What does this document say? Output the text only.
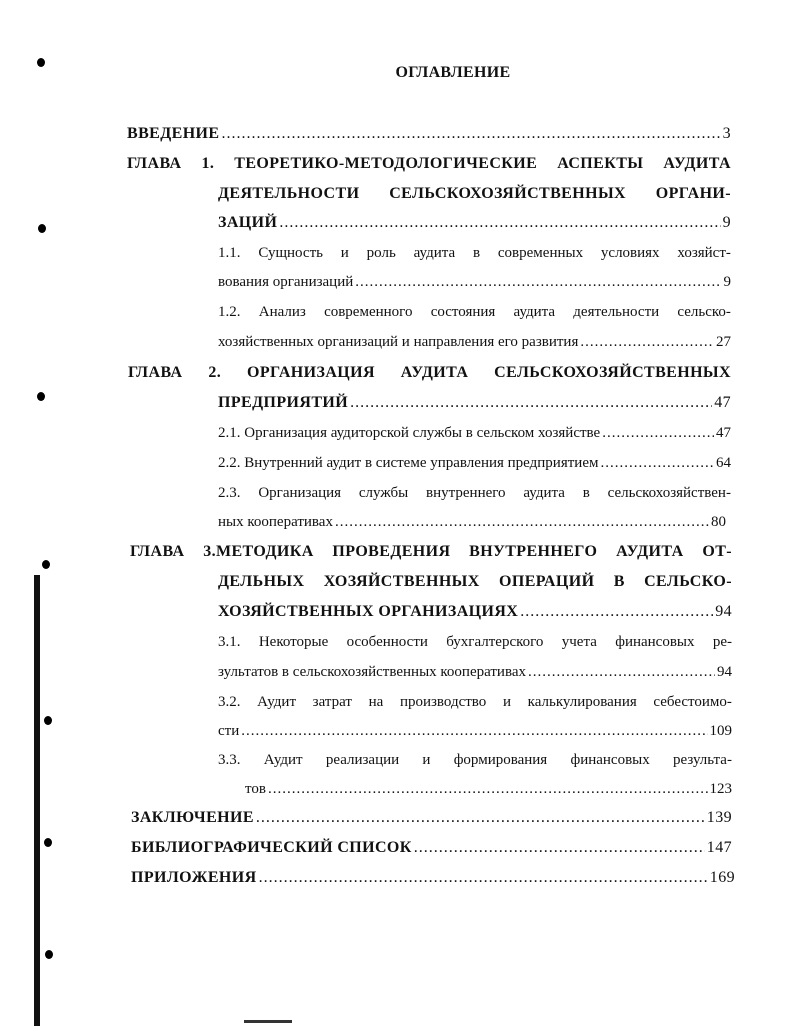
ОГЛАВЛЕНИЕ
ВВЕДЕНИЕ .....	3
ГЛАВА 1. ТЕОРЕТИКО-МЕТОДОЛОГИЧЕСКИЕ АСПЕКТЫ АУДИТА
ДЕЯТЕЛЬНОСТИ СЕЛЬСКОХОЗЯЙСТВЕННЫХ ОРГАНИ-
ЗАЦИЙ .....	9
1.1. Сущность и роль аудита в современных условиях хозяйст-
вования организаций .....	9
1.2. Анализ современного состояния аудита деятельности сельско-
хозяйственных организаций и направления его развития .....	27
ГЛАВА 2. ОРГАНИЗАЦИЯ АУДИТА СЕЛЬСКОХОЗЯЙСТВЕННЫХ
ПРЕДПРИЯТИЙ .....	47
2.1. Организация аудиторской службы в сельском хозяйстве .....	47
2.2. Внутренний аудит в системе управления предприятием .....	64
2.3. Организация службы внутреннего аудита в сельскохозяйствен-
ных кооперативах .....	80
ГЛАВА 3.МЕТОДИКА ПРОВЕДЕНИЯ ВНУТРЕННЕГО АУДИТА ОТ-
ДЕЛЬНЫХ ХОЗЯЙСТВЕННЫХ ОПЕРАЦИЙ В СЕЛЬСКО-
ХОЗЯЙСТВЕННЫХ ОРГАНИЗАЦИЯХ .....	94
3.1. Некоторые особенности бухгалтерского учета финансовых ре-
зультатов в сельскохозяйственных кооперативах .....	94
3.2. Аудит затрат на производство и калькулирования себестоимо-
сти .....	109
3.3. Аудит реализации и формирования финансовых результа-
тов .....	123
ЗАКЛЮЧЕНИЕ .....	139
БИБЛИОГРАФИЧЕСКИЙ СПИСОК .....	147
ПРИЛОЖЕНИЯ .....	169
